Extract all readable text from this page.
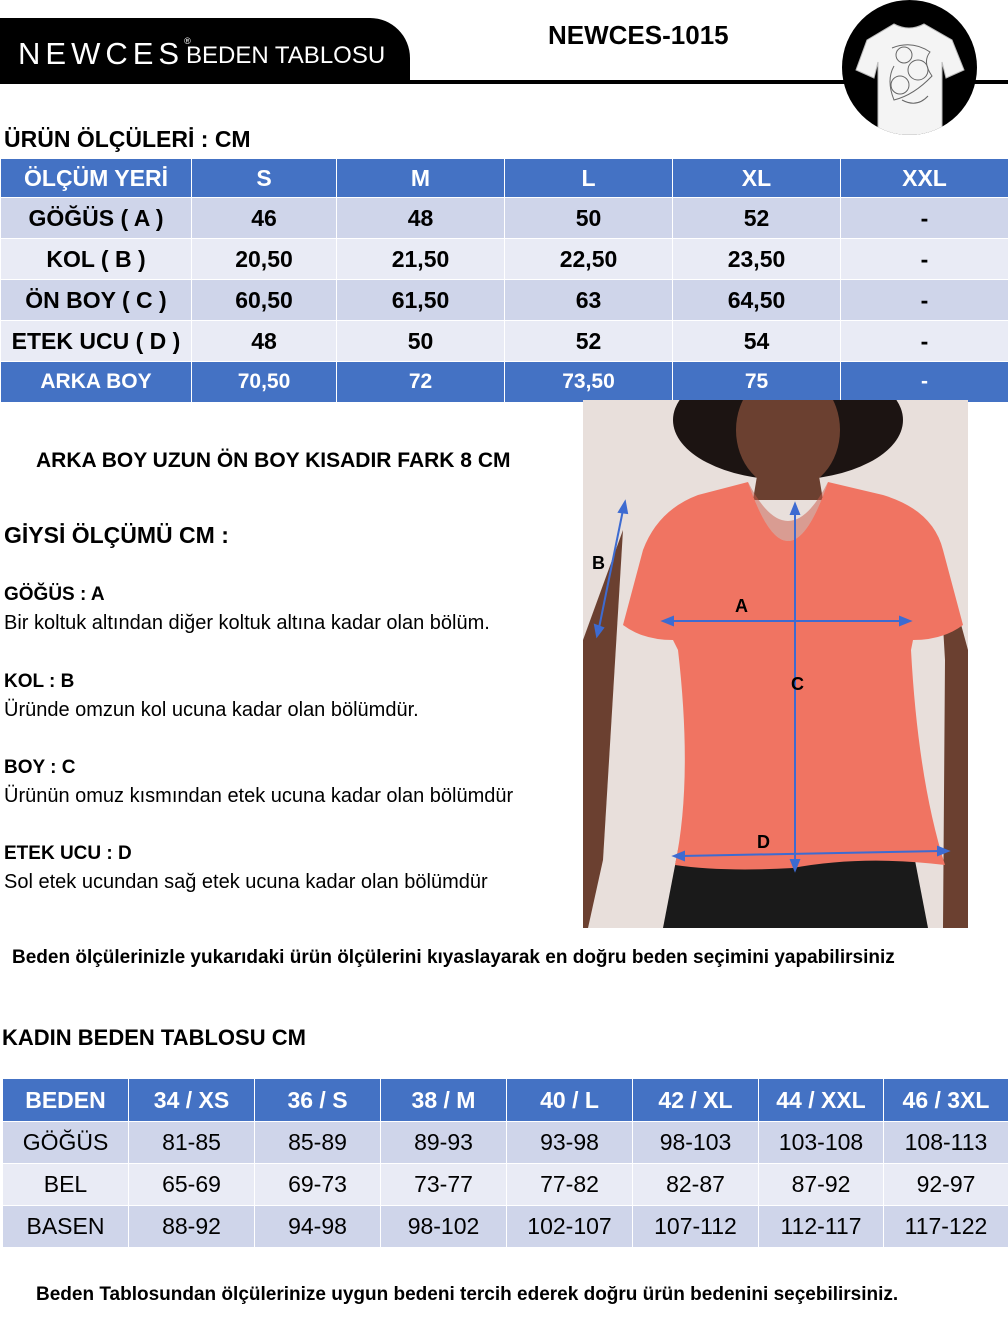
NEWCES®
BEDEN TABLOSU
NEWCES-1015
ÜRÜN ÖLÇÜLERİ : CM
ÖLÇÜM YERİ	S	M	L	XL	XXL
GÖĞÜS ( A )	46	48	50	52	-
KOL ( B )	20,50	21,50	22,50	23,50	-
ÖN BOY ( C )	60,50	61,50	63	64,50	-
ETEK UCU ( D )	48	50	52	54	-
ARKA BOY	70,50	72	73,50	75	-
ARKA BOY UZUN ÖN BOY KISADIR FARK 8 CM
GİYSİ ÖLÇÜMÜ CM :
GÖĞÜS : A
Bir koltuk altından diğer koltuk altına kadar olan bölüm.
KOL : B
Üründe omzun kol ucuna kadar olan bölümdür.
BOY : C
Ürünün omuz kısmından etek ucuna kadar olan bölümdür
ETEK UCU : D
Sol etek ucundan sağ etek ucuna kadar olan bölümdür
A
B
C
D
Beden ölçülerinizle yukarıdaki ürün ölçülerini kıyaslayarak en doğru beden seçimini yapabilirsiniz
KADIN BEDEN TABLOSU CM
BEDEN	34 / XS	36 / S	38 / M	40 / L	42 / XL	44 / XXL	46 / 3XL
GÖĞÜS	81-85	85-89	89-93	93-98	98-103	103-108	108-113
BEL	65-69	69-73	73-77	77-82	82-87	87-92	92-97
BASEN	88-92	94-98	98-102	102-107	107-112	112-117	117-122
Beden Tablosundan ölçülerinize uygun bedeni tercih ederek doğru ürün bedenini seçebilirsiniz.
